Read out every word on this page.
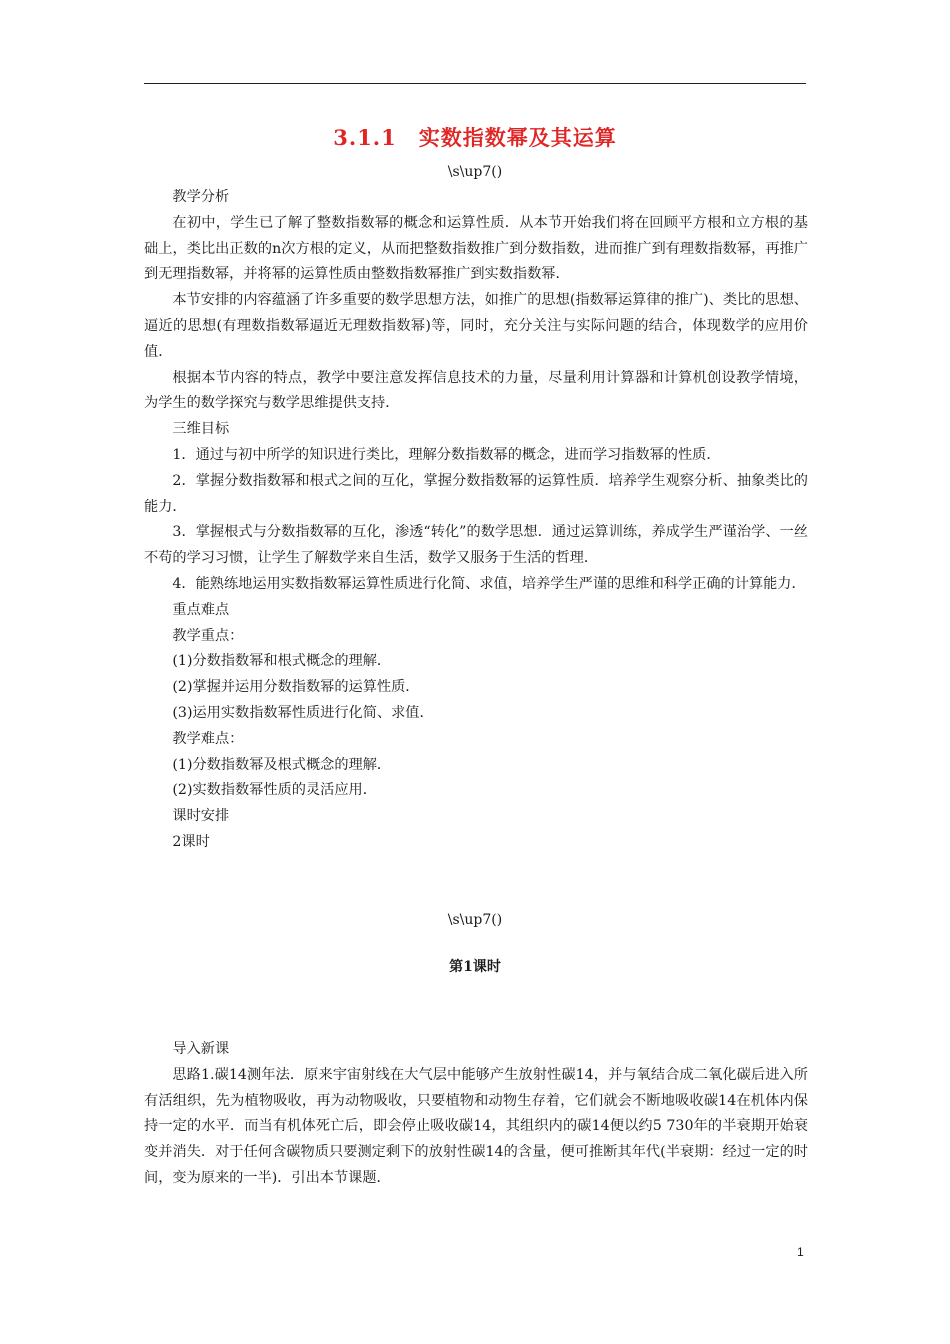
3.1.1　实数指数幂及其运算
\s\up7()

教学分析

在初中，学生已了解了整数指数幂的概念和运算性质．从本节开始我们将在回顾平方根和立方根的基础上，类比出正数的n次方根的定义，从而把整数指数推广到分数指数，进而推广到有理数指数幂，再推广到无理指数幂，并将幂的运算性质由整数指数幂推广到实数指数幂．

本节安排的内容蕴涵了许多重要的数学思想方法，如推广的思想(指数幂运算律的推广)、类比的思想、逼近的思想(有理数指数幂逼近无理数指数幂)等，同时，充分关注与实际问题的结合，体现数学的应用价值．

根据本节内容的特点，教学中要注意发挥信息技术的力量，尽量利用计算器和计算机创设教学情境，为学生的数学探究与数学思维提供支持．

三维目标

1．通过与初中所学的知识进行类比，理解分数指数幂的概念，进而学习指数幂的性质．

2．掌握分数指数幂和根式之间的互化，掌握分数指数幂的运算性质．培养学生观察分析、抽象类比的能力．

3．掌握根式与分数指数幂的互化，渗透“转化”的数学思想．通过运算训练，养成学生严谨治学、一丝不苟的学习习惯，让学生了解数学来自生活，数学又服务于生活的哲理．

4．能熟练地运用实数指数幂运算性质进行化简、求值，培养学生严谨的思维和科学正确的计算能力．

重点难点

教学重点：

(1)分数指数幂和根式概念的理解．

(2)掌握并运用分数指数幂的运算性质．

(3)运用实数指数幂性质进行化简、求值．

教学难点：

(1)分数指数幂及根式概念的理解．

(2)实数指数幂性质的灵活应用．

课时安排

2课时

\s\up7()
第1课时

导入新课

思路1.碳14测年法．原来宇宙射线在大气层中能够产生放射性碳14，并与氧结合成二氧化碳后进入所有活组织，先为植物吸收，再为动物吸收，只要植物和动物生存着，它们就会不断地吸收碳14在机体内保持一定的水平．而当有机体死亡后，即会停止吸收碳14，其组织内的碳14便以约5 730年的半衰期开始衰变并消失．对于任何含碳物质只要测定剩下的放射性碳14的含量，便可推断其年代(半衰期：经过一定的时间，变为原来的一半)．引出本节课题．

1
